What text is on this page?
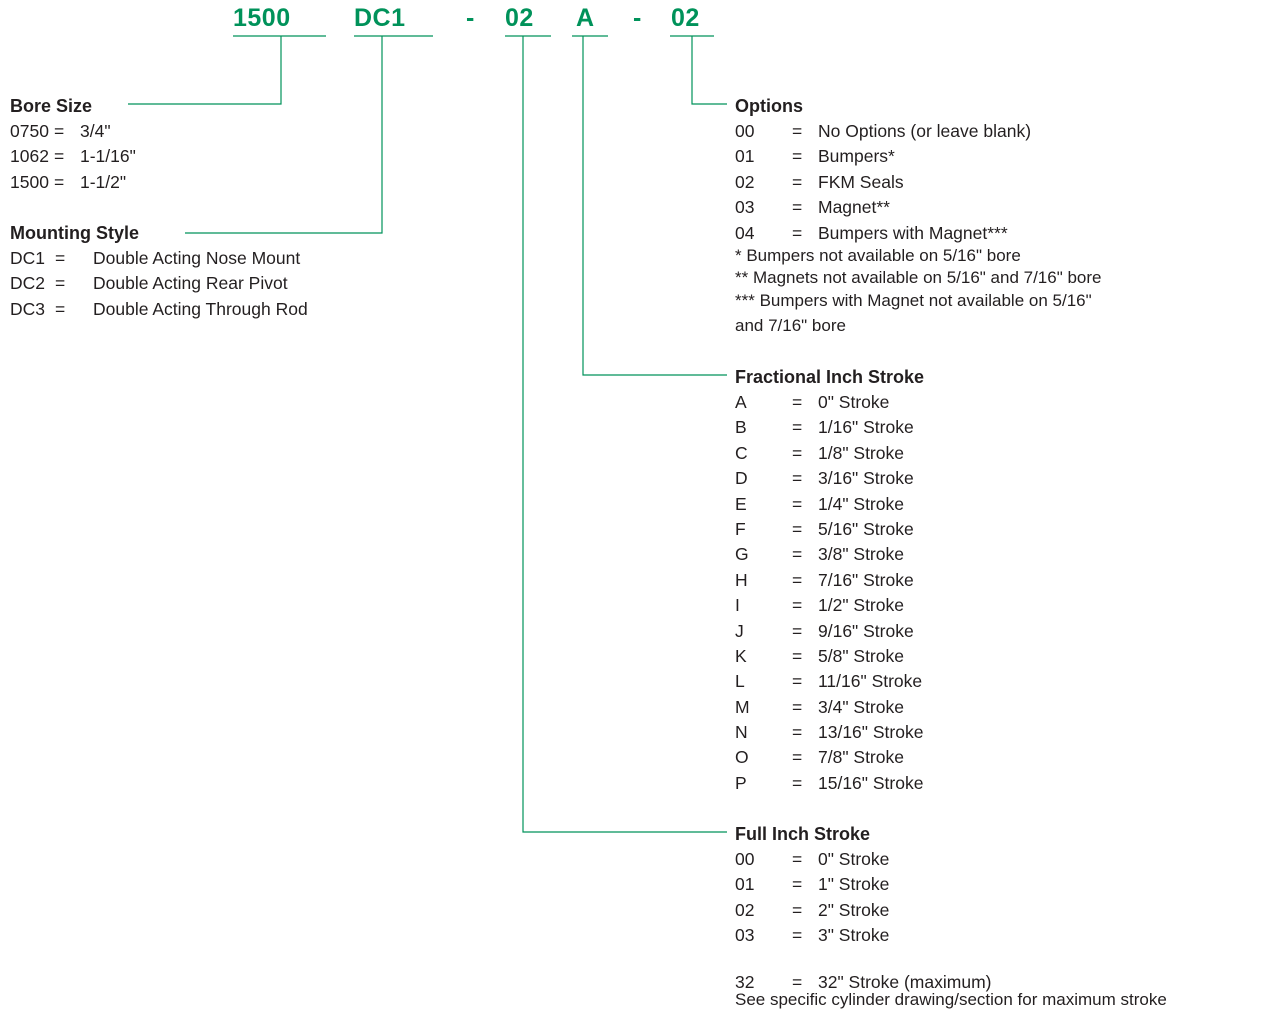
1500	DC1 - 02 A - 02
Bore Size
0750 = 3/4"
1062 = 1-1/16"
1500 = 1-1/2"
Mounting Style
DC1 = Double Acting Nose Mount
DC2 = Double Acting Rear Pivot
DC3 = Double Acting Through Rod
Options
00 = No Options (or leave blank)
01 = Bumpers*
02 = FKM Seals
03 = Magnet**
04 = Bumpers with Magnet***
* Bumpers not available on 5/16" bore
** Magnets not available on 5/16" and 7/16" bore
*** Bumpers with Magnet not available on 5/16"
and 7/16" bore
Fractional Inch Stroke
A	= 0" Stroke
B	= 1/16" Stroke
C	= 1/8" Stroke
D	= 3/16" Stroke
E	= 1/4" Stroke
F	= 5/16" Stroke
G = 3/8" Stroke
H	= 7/16" Stroke
I	= 1/2" Stroke
J	= 9/16" Stroke
K	= 5/8" Stroke
L	= 11/16" Stroke
M = 3/4" Stroke
N	= 13/16" Stroke
O = 7/8" Stroke
P	= 15/16" Stroke
Full Inch Stroke
00 = 0" Stroke
01 = 1" Stroke
02 = 2" Stroke
03 = 3" Stroke
32 = 32" Stroke (maximum)
See specific cylinder drawing/section for maximum stroke
